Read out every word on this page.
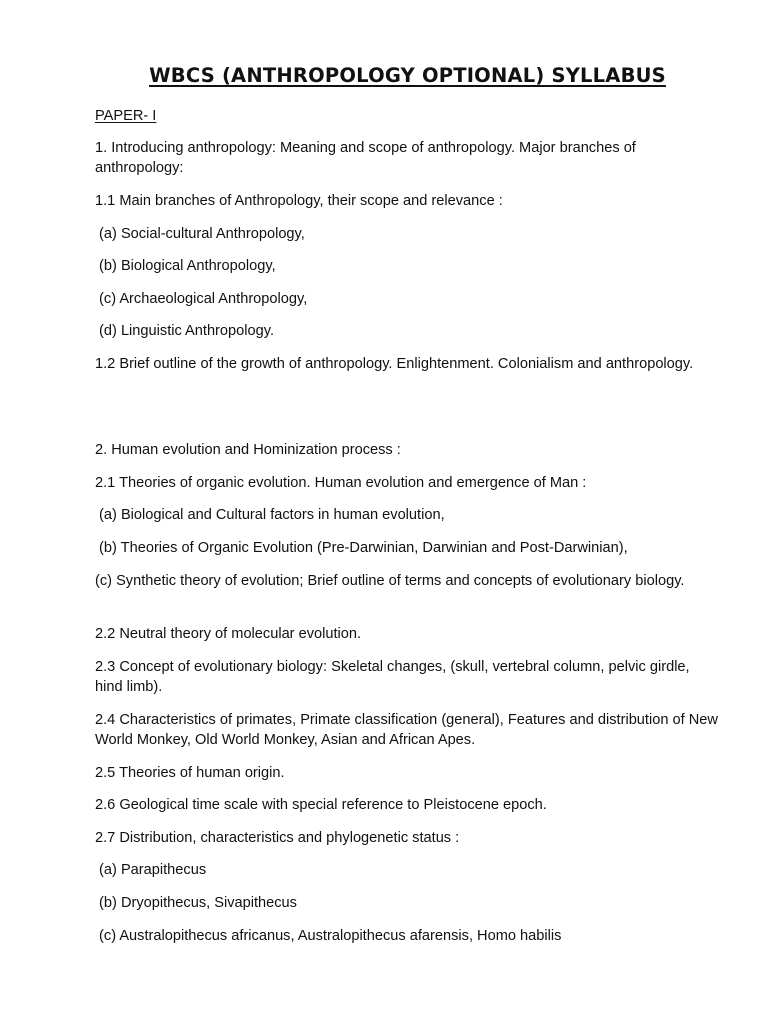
WBCS (ANTHROPOLOGY OPTIONAL) SYLLABUS
PAPER- I
1. Introducing anthropology: Meaning and scope of anthropology. Major branches of anthropology:
1.1 Main branches of Anthropology, their scope and relevance :
(a) Social-cultural Anthropology,
(b) Biological Anthropology,
(c) Archaeological Anthropology,
(d) Linguistic Anthropology.
1.2 Brief outline of the growth of anthropology. Enlightenment. Colonialism and anthropology.
2. Human evolution and Hominization process :
2.1 Theories of organic evolution. Human evolution and emergence of Man :
(a) Biological and Cultural factors in human evolution,
(b) Theories of Organic Evolution (Pre-Darwinian, Darwinian and Post-Darwinian),
(c) Synthetic theory of evolution; Brief outline of terms and concepts of evolutionary biology.
2.2 Neutral theory of molecular evolution.
2.3 Concept of evolutionary biology: Skeletal changes, (skull, vertebral column, pelvic girdle, hind limb).
2.4 Characteristics of primates, Primate classification (general), Features and distribution of New World Monkey, Old World Monkey, Asian and African Apes.
2.5 Theories of human origin.
2.6 Geological time scale with special reference to Pleistocene epoch.
2.7 Distribution, characteristics and phylogenetic status :
(a) Parapithecus
(b) Dryopithecus, Sivapithecus
(c) Australopithecus africanus, Australopithecus afarensis, Homo habilis
